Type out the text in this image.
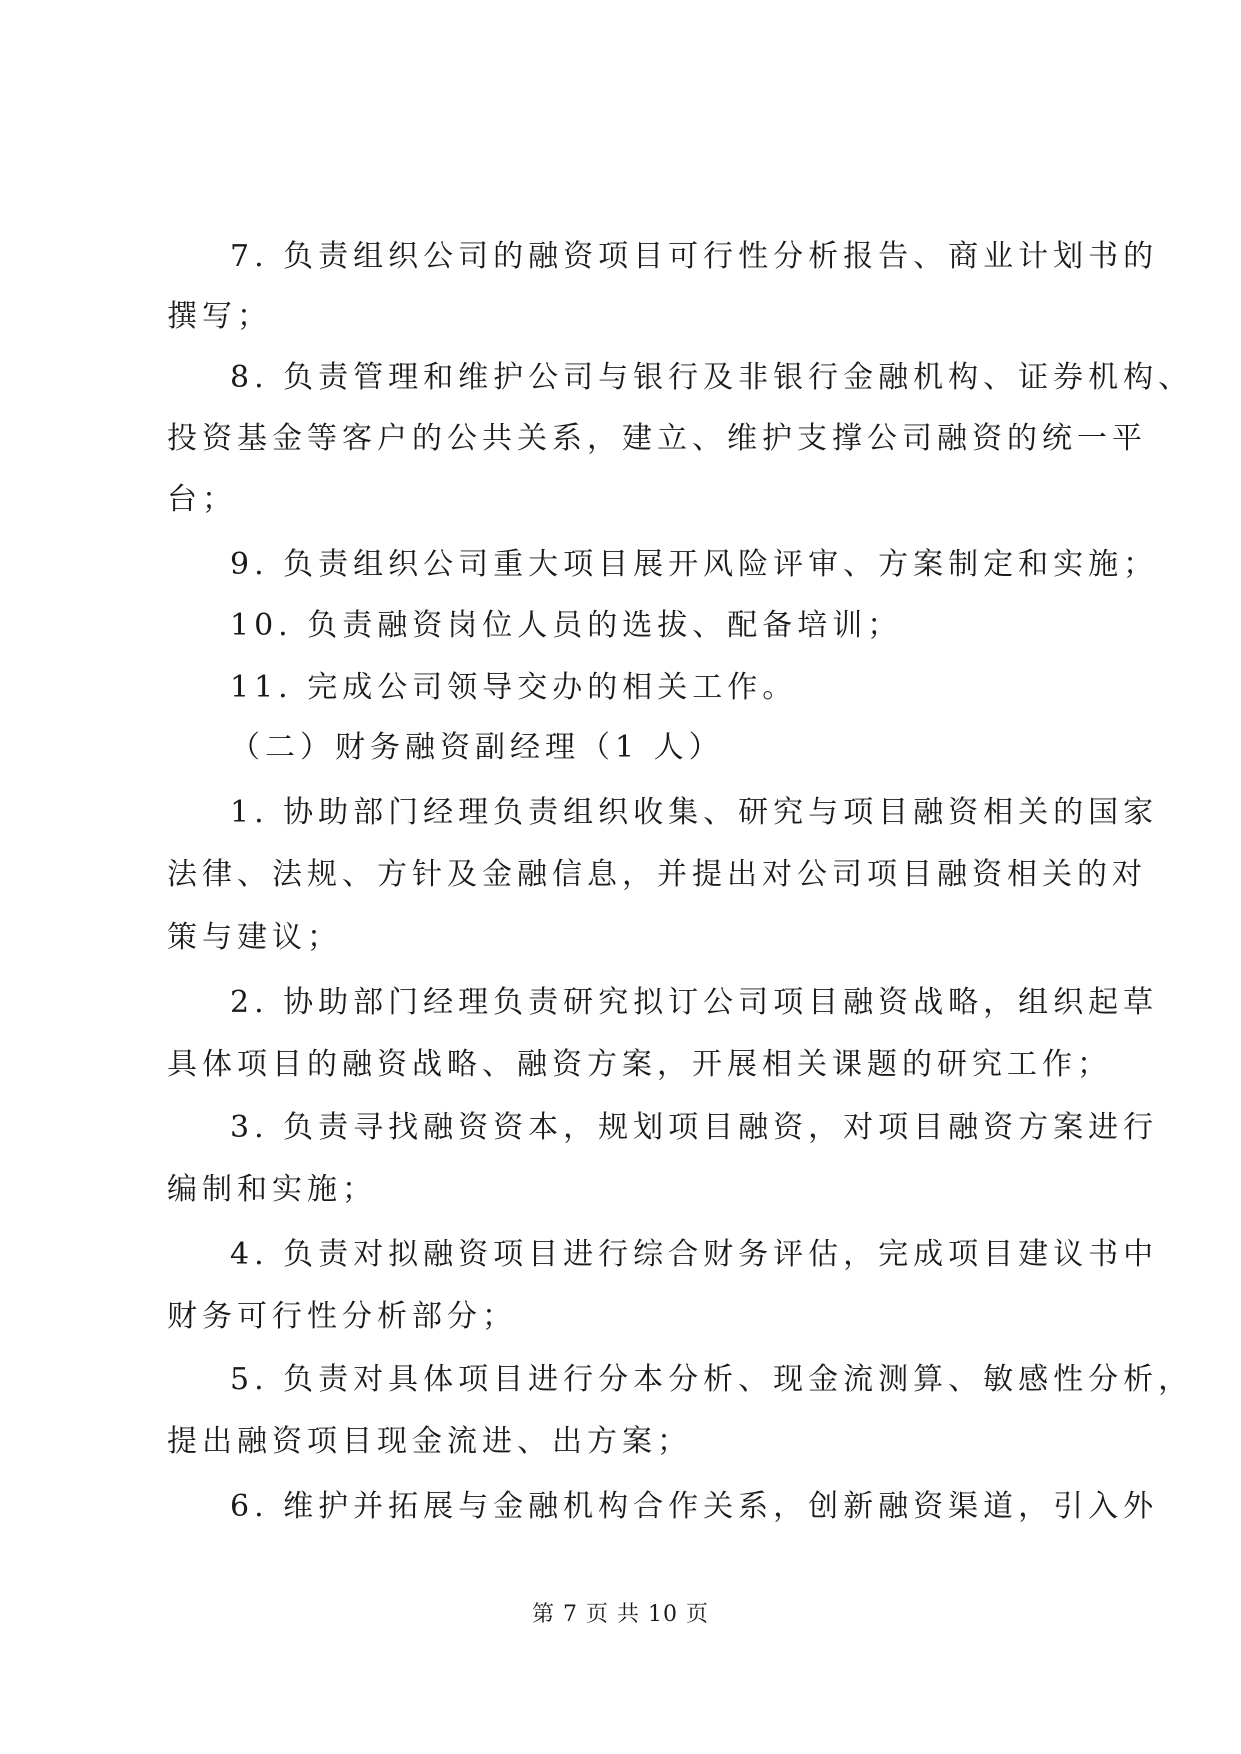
7. 负责组织公司的融资项目可行性分析报告、商业计划书的
撰写；
8. 负责管理和维护公司与银行及非银行金融机构、证券机构、
投资基金等客户的公共关系，建立、维护支撑公司融资的统一平
台；
9. 负责组织公司重大项目展开风险评审、方案制定和实施；
10. 负责融资岗位人员的选拔、配备培训；
11. 完成公司领导交办的相关工作。
（二）财务融资副经理（1 人）
1. 协助部门经理负责组织收集、研究与项目融资相关的国家
法律、法规、方针及金融信息，并提出对公司项目融资相关的对
策与建议；
2. 协助部门经理负责研究拟订公司项目融资战略，组织起草
具体项目的融资战略、融资方案，开展相关课题的研究工作；
3. 负责寻找融资资本，规划项目融资，对项目融资方案进行
编制和实施；
4. 负责对拟融资项目进行综合财务评估，完成项目建议书中
财务可行性分析部分；
5. 负责对具体项目进行分本分析、现金流测算、敏感性分析，
提出融资项目现金流进、出方案；
6. 维护并拓展与金融机构合作关系，创新融资渠道，引入外
第 7 页 共 10 页
